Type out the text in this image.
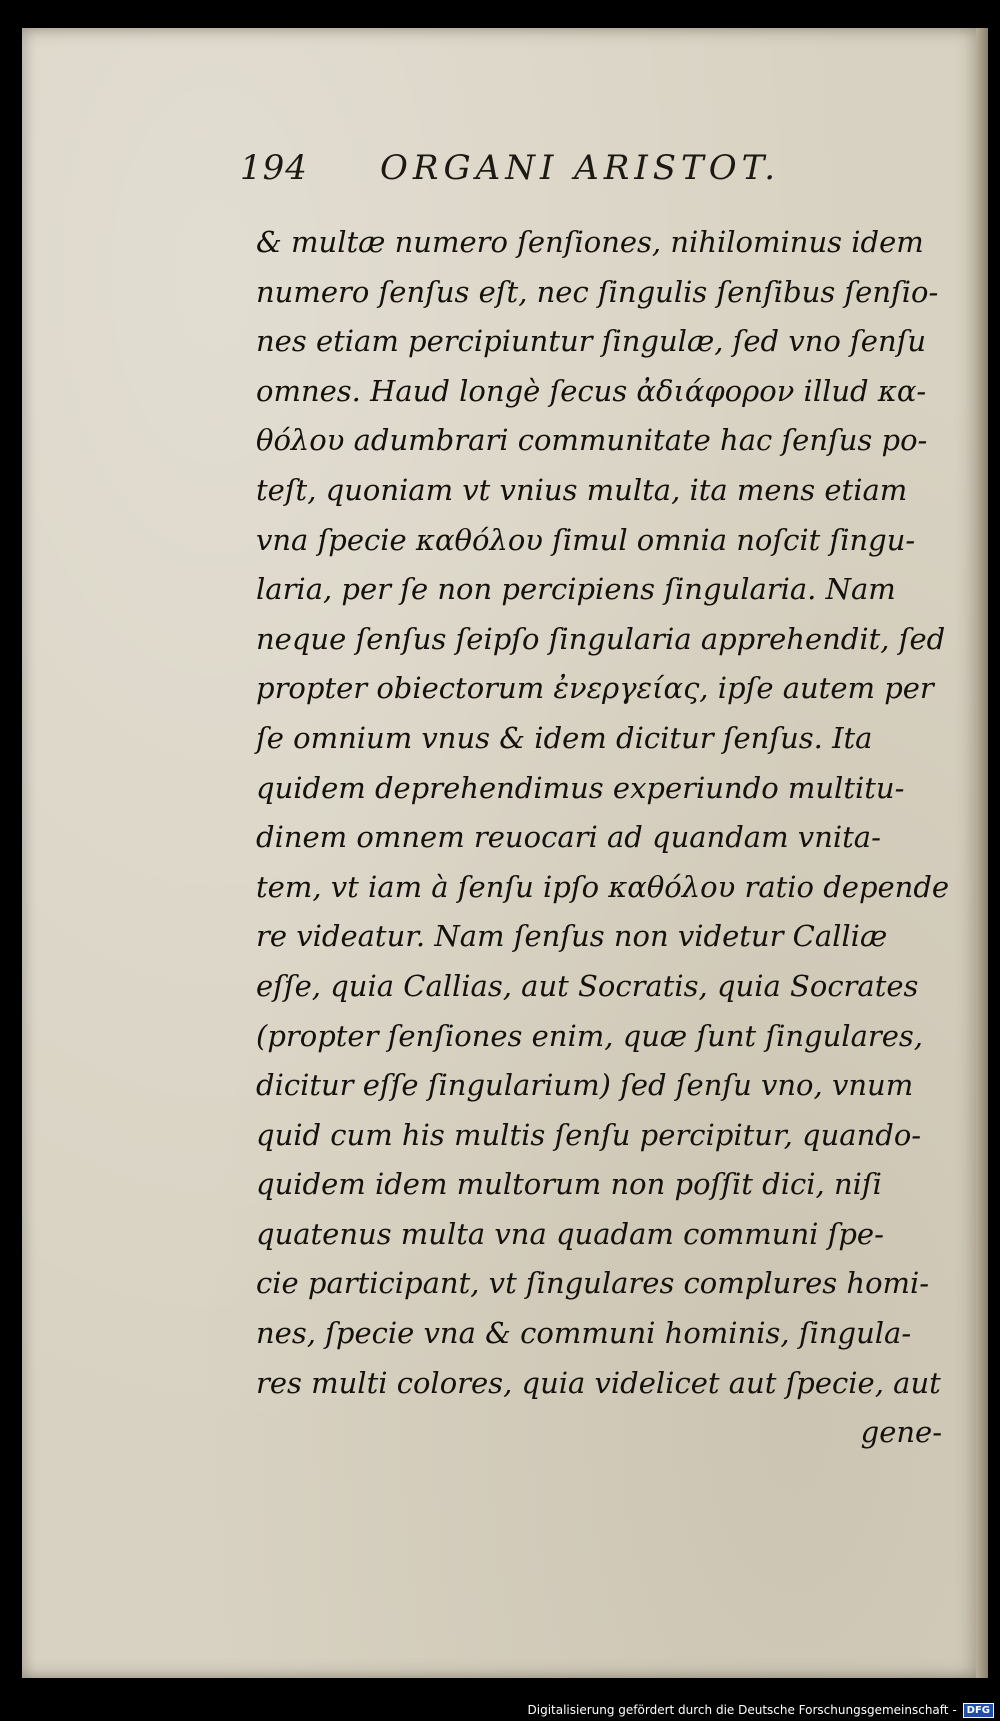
194 ORGANI ARISTOT.
& multæ numero ſenſiones, nihilominus idem
numero ſenſus eſt, nec ſingulis ſenſibus ſenſio-
nes etiam percipiuntur ſingulæ, ſed vno ſenſu
omnes. Haud longè ſecus ἀδιάφορον illud κα-
θόλου adumbrari communitate hac ſenſus po-
teſt, quoniam vt vnius multa, ita mens etiam
vna ſpecie καθόλου ſimul omnia noſcit ſingu-
laria, per ſe non percipiens ſingularia. Nam
neque ſenſus ſeipſo ſingularia apprehendit, ſed
propter obiectorum ἐνεργείας, ipſe autem per
ſe omnium vnus & idem dicitur ſenſus. Ita
quidem deprehendimus experiundo multitu-
dinem omnem reuocari ad quandam vnita-
tem, vt iam à ſenſu ipſo καθόλου ratio depende
re videatur. Nam ſenſus non videtur Calliæ
eſſe, quia Callias, aut Socratis, quia Socrates
(propter ſenſiones enim, quæ ſunt ſingulares,
dicitur eſſe ſingularium) ſed ſenſu vno, vnum
quid cum his multis ſenſu percipitur, quando-
quidem idem multorum non poſſit dici, niſi
quatenus multa vna quadam communi ſpe-
cie participant, vt ſingulares complures homi-
nes, ſpecie vna & communi hominis, ſingula-
res multi colores, quia videlicet aut ſpecie, aut
gene-
Digitalisierung gefördert durch die Deutsche Forschungsgemeinschaft -	DFG
